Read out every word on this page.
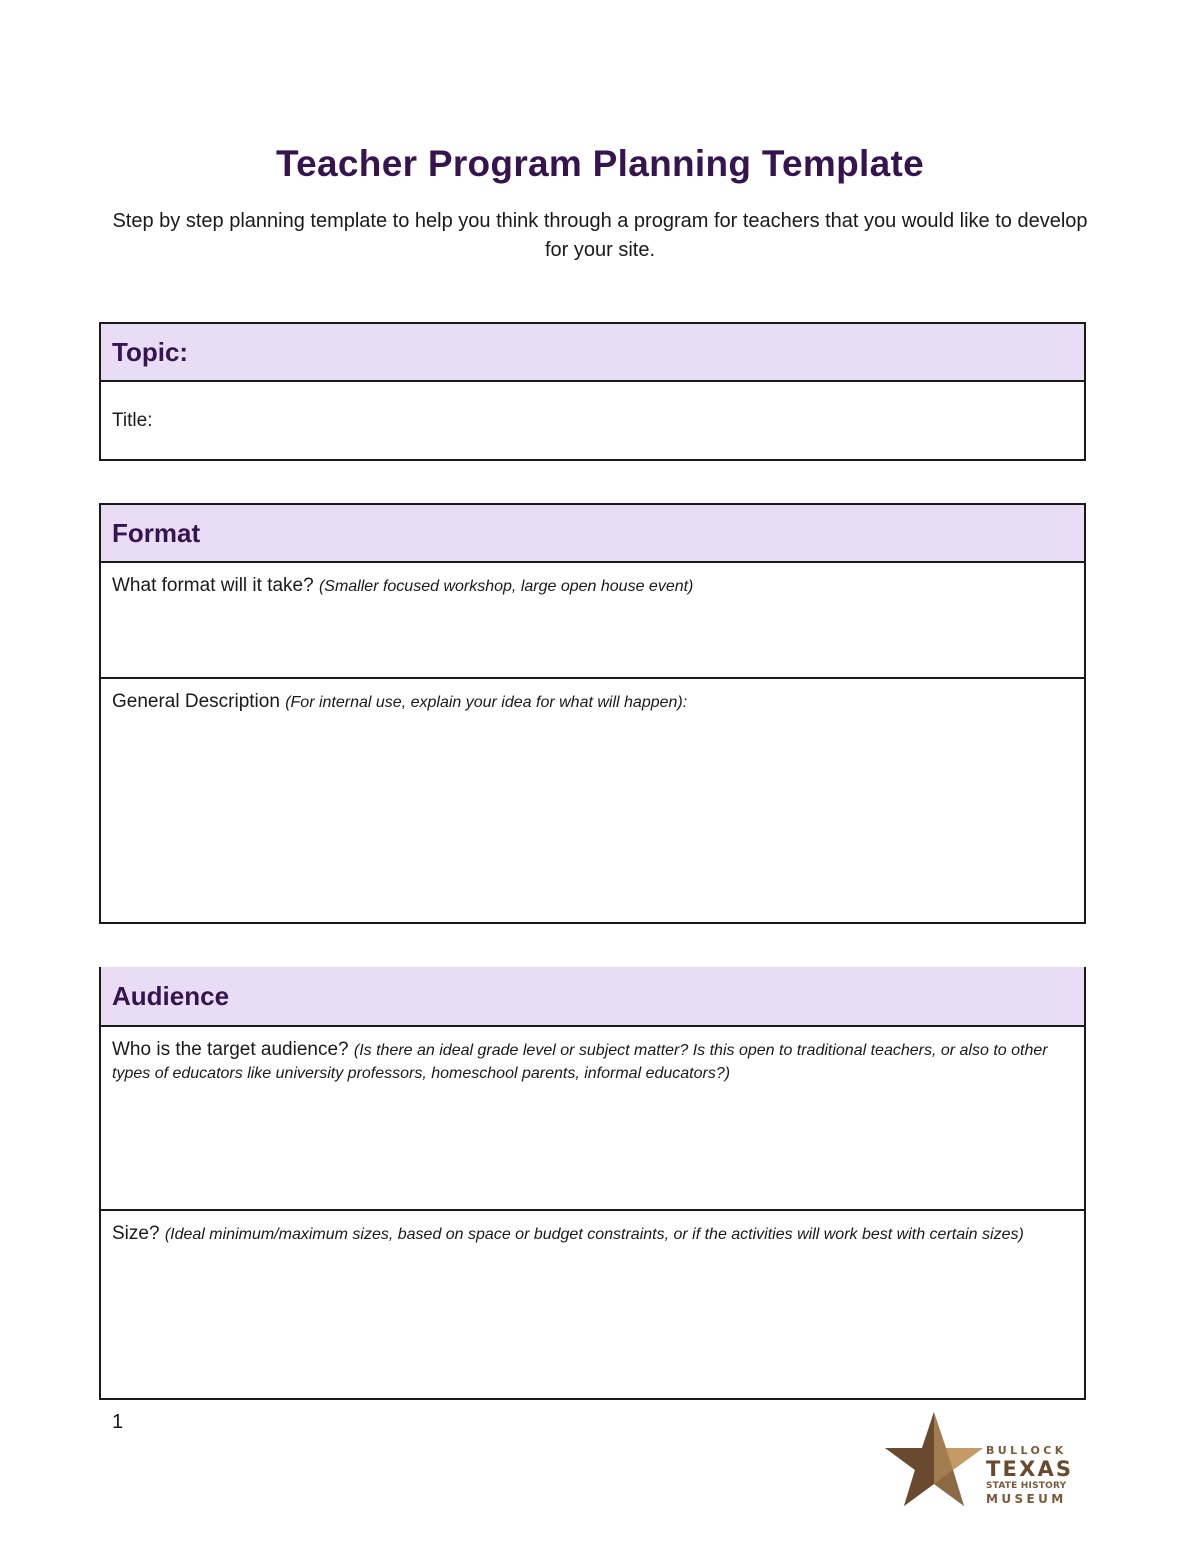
Teacher Program Planning Template
Step by step planning template to help you think through a program for teachers that you would like to develop for your site.
Topic:
Title:
Format
What format will it take? (Smaller focused workshop, large open house event)
General Description (For internal use, explain your idea for what will happen):
Audience
Who is the target audience? (Is there an ideal grade level or subject matter? Is this open to traditional teachers, or also to other types of educators like university professors, homeschool parents, informal educators?)
Size? (Ideal minimum/maximum sizes, based on space or budget constraints, or if the activities will work best with certain sizes)
1
BULLOCK
TEXAS
STATE HISTORY
MUSEUM
